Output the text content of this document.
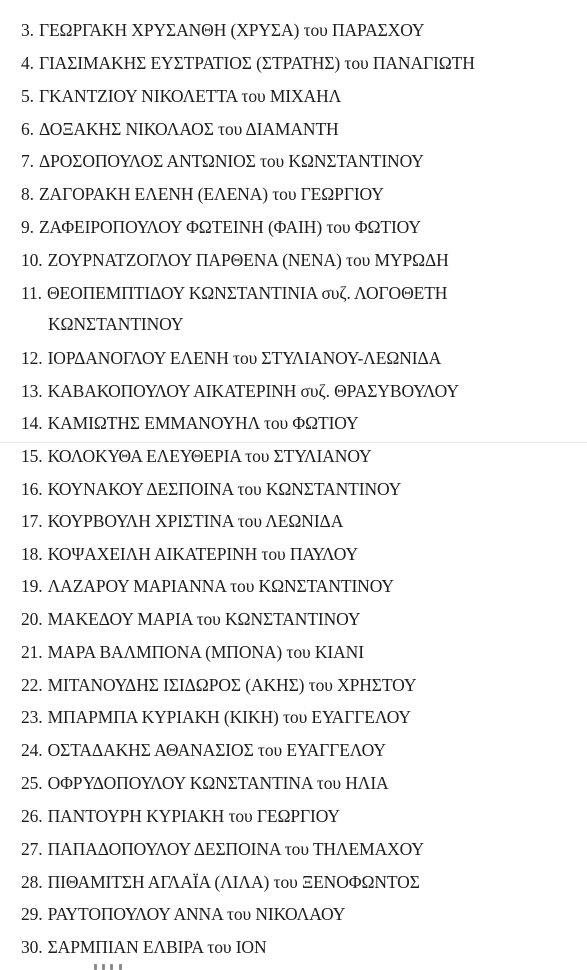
3. ΓΕΩΡΓΑΚΗ ΧΡΥΣΑΝΘΗ (ΧΡΥΣΑ) του ΠΑΡΑΣΧΟΥ
4. ΓΙΑΣΙΜΑΚΗΣ ΕΥΣΤΡΑΤΙΟΣ (ΣΤΡΑΤΗΣ) του ΠΑΝΑΓΙΩΤΗ
5. ΓΚΑΝΤΖΙΟΥ ΝΙΚΟΛΕΤΤΑ του ΜΙΧΑΗΛ
6. ΔΟΞΑΚΗΣ ΝΙΚΟΛΑΟΣ του ΔΙΑΜΑΝΤΗ
7. ΔΡΟΣΟΠΟΥΛΟΣ ΑΝΤΩΝΙΟΣ του ΚΩΝΣΤΑΝΤΙΝΟΥ
8. ΖΑΓΟΡΑΚΗ ΕΛΕΝΗ (ΕΛΕΝΑ) του ΓΕΩΡΓΙΟΥ
9. ΖΑΦΕΙΡΟΠΟΥΛΟΥ ΦΩΤΕΙΝΗ (ΦΑΙΗ) του ΦΩΤΙΟΥ
10. ΖΟΥΡΝΑΤΖΟΓΛΟΥ ΠΑΡΘΕΝΑ (ΝΕΝΑ) του ΜΥΡΩΔΗ
11. ΘΕΟΠΕΜΠΤΙΔΟΥ ΚΩΝΣΤΑΝΤΙΝΙΑ συζ. ΛΟΓΟΘΕΤΗ
ΚΩΝΣΤΑΝΤΙΝΟΥ
12. ΙΟΡΔΑΝΟΓΛΟΥ ΕΛΕΝΗ του ΣΤΥΛΙΑΝΟΥ-ΛΕΩΝΙΔΑ
13. ΚΑΒΑΚΟΠΟΥΛΟΥ ΑΙΚΑΤΕΡΙΝΗ συζ. ΘΡΑΣΥΒΟΥΛΟΥ
14. ΚΑΜΙΩΤΗΣ ΕΜΜΑΝΟΥΗΛ του ΦΩΤΙΟΥ
15. ΚΟΛΟΚΥΘΑ ΕΛΕΥΘΕΡΙΑ του ΣΤΥΛΙΑΝΟΥ
16. ΚΟΥΝΑΚΟΥ ΔΕΣΠΟΙΝΑ του ΚΩΝΣΤΑΝΤΙΝΟΥ
17. ΚΟΥΡΒΟΥΛΗ ΧΡΙΣΤΙΝΑ του ΛΕΩΝΙΔΑ
18. ΚΟΨΑΧΕΙΛΗ ΑΙΚΑΤΕΡΙΝΗ του ΠΑΥΛΟΥ
19. ΛΑΖΑΡΟΥ ΜΑΡΙΑΝΝΑ του ΚΩΝΣΤΑΝΤΙΝΟΥ
20. ΜΑΚΕΔΟΥ ΜΑΡΙΑ του ΚΩΝΣΤΑΝΤΙΝΟΥ
21. ΜΑΡΑ ΒΑΛΜΠΟΝΑ (ΜΠΟΝΑ) του ΚΙΑΝΙ
22. ΜΙΤΑΝΟΥΔΗΣ ΙΣΙΔΩΡΟΣ (ΑΚΗΣ) του ΧΡΗΣΤΟΥ
23. ΜΠΑΡΜΠΑ ΚΥΡΙΑΚΗ (ΚΙΚΗ) του ΕΥΑΓΓΕΛΟΥ
24. ΟΣΤΑΔΑΚΗΣ ΑΘΑΝΑΣΙΟΣ του ΕΥΑΓΓΕΛΟΥ
25. ΟΦΡΥΔΟΠΟΥΛΟΥ ΚΩΝΣΤΑΝΤΙΝΑ του ΗΛΙΑ
26. ΠΑΝΤΟΥΡΗ ΚΥΡΙΑΚΗ του ΓΕΩΡΓΙΟΥ
27. ΠΑΠΑΔΟΠΟΥΛΟΥ ΔΕΣΠΟΙΝΑ του ΤΗΛΕΜΑΧΟΥ
28. ΠΙΘΑΜΙΤΣΗ ΑΓΛΑΪΑ (ΛΙΛΑ) του ΞΕΝΟΦΩΝΤΟΣ
29. ΡΑΥΤΟΠΟΥΛΟΥ ΑΝΝΑ του ΝΙΚΟΛΑΟΥ
30. ΣΑΡΜΠΙΑΝ ΕΛΒΙΡΑ του ΙΟΝ
